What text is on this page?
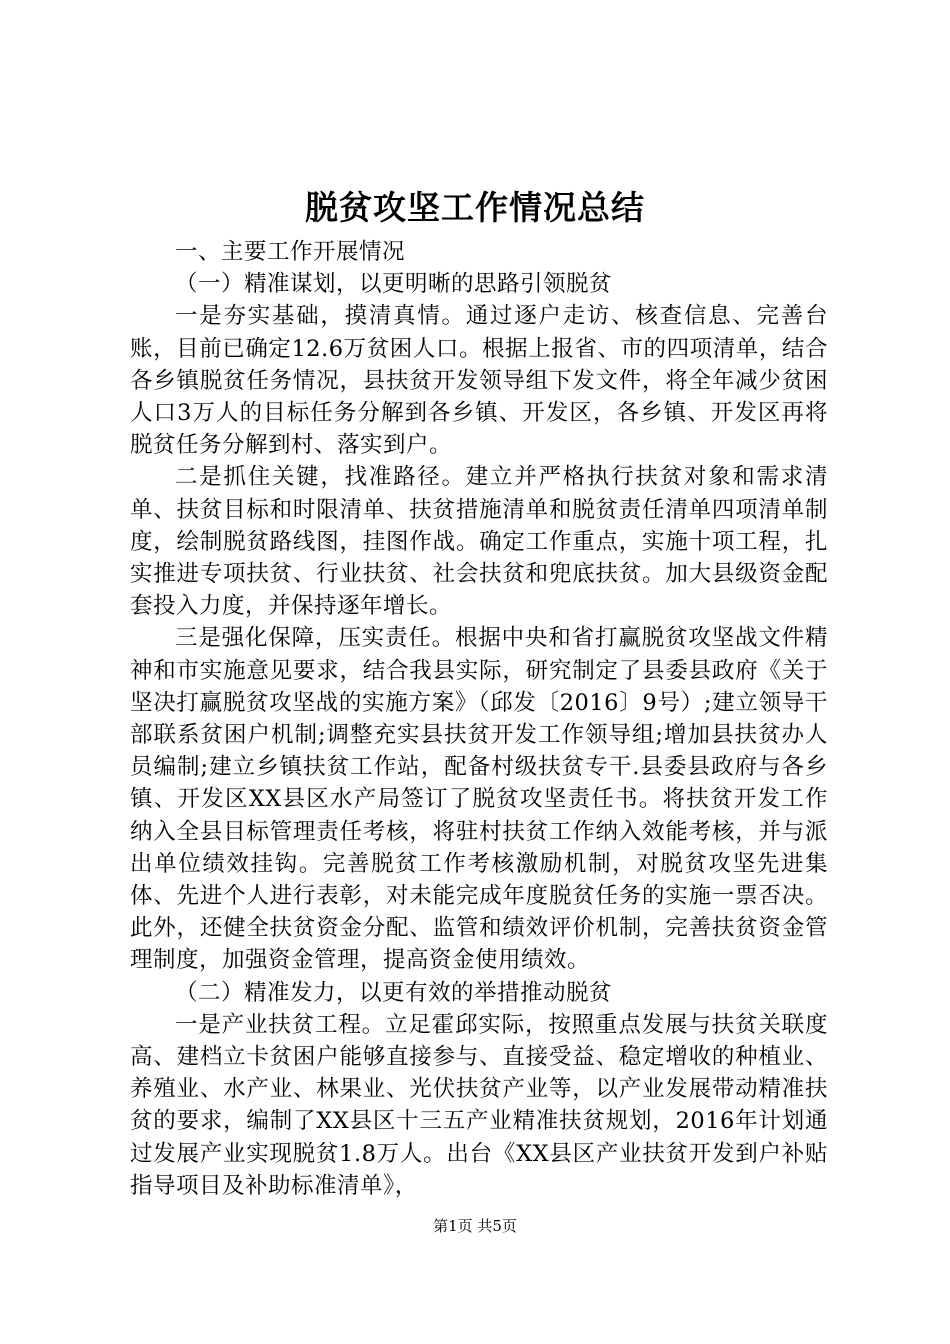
脱贫攻坚工作情况总结

一、主要工作开展情况

（一）精准谋划，以更明晰的思路引领脱贫

一是夯实基础，摸清真情。通过逐户走访、核查信息、完善台账，目前已确定12.6万贫困人口。根据上报省、市的四项清单，结合各乡镇脱贫任务情况，县扶贫开发领导组下发文件，将全年减少贫困人口3万人的目标任务分解到各乡镇、开发区，各乡镇、开发区再将脱贫任务分解到村、落实到户。

二是抓住关键，找准路径。建立并严格执行扶贫对象和需求清单、扶贫目标和时限清单、扶贫措施清单和脱贫责任清单四项清单制度，绘制脱贫路线图，挂图作战。确定工作重点，实施十项工程，扎实推进专项扶贫、行业扶贫、社会扶贫和兜底扶贫。加大县级资金配套投入力度，并保持逐年增长。

三是强化保障，压实责任。根据中央和省打赢脱贫攻坚战文件精神和市实施意见要求，结合我县实际，研究制定了县委县政府《关于坚决打赢脱贫攻坚战的实施方案》（邱发〔2016〕9号）;建立领导干部联系贫困户机制;调整充实县扶贫开发工作领导组;增加县扶贫办人员编制;建立乡镇扶贫工作站，配备村级扶贫专干.县委县政府与各乡镇、开发区XX县区水产局签订了脱贫攻坚责任书。将扶贫开发工作纳入全县目标管理责任考核，将驻村扶贫工作纳入效能考核，并与派出单位绩效挂钩。完善脱贫工作考核激励机制，对脱贫攻坚先进集体、先进个人进行表彰，对未能完成年度脱贫任务的实施一票否决。此外，还健全扶贫资金分配、监管和绩效评价机制，完善扶贫资金管理制度，加强资金管理，提高资金使用绩效。

（二）精准发力，以更有效的举措推动脱贫

一是产业扶贫工程。立足霍邱实际，按照重点发展与扶贫关联度高、建档立卡贫困户能够直接参与、直接受益、稳定增收的种植业、养殖业、水产业、林果业、光伏扶贫产业等，以产业发展带动精准扶贫的要求，编制了XX县区十三五产业精准扶贫规划，2016年计划通过发展产业实现脱贫1.8万人。出台《XX县区产业扶贫开发到户补贴指导项目及补助标准清单》，

第1页 共5页
